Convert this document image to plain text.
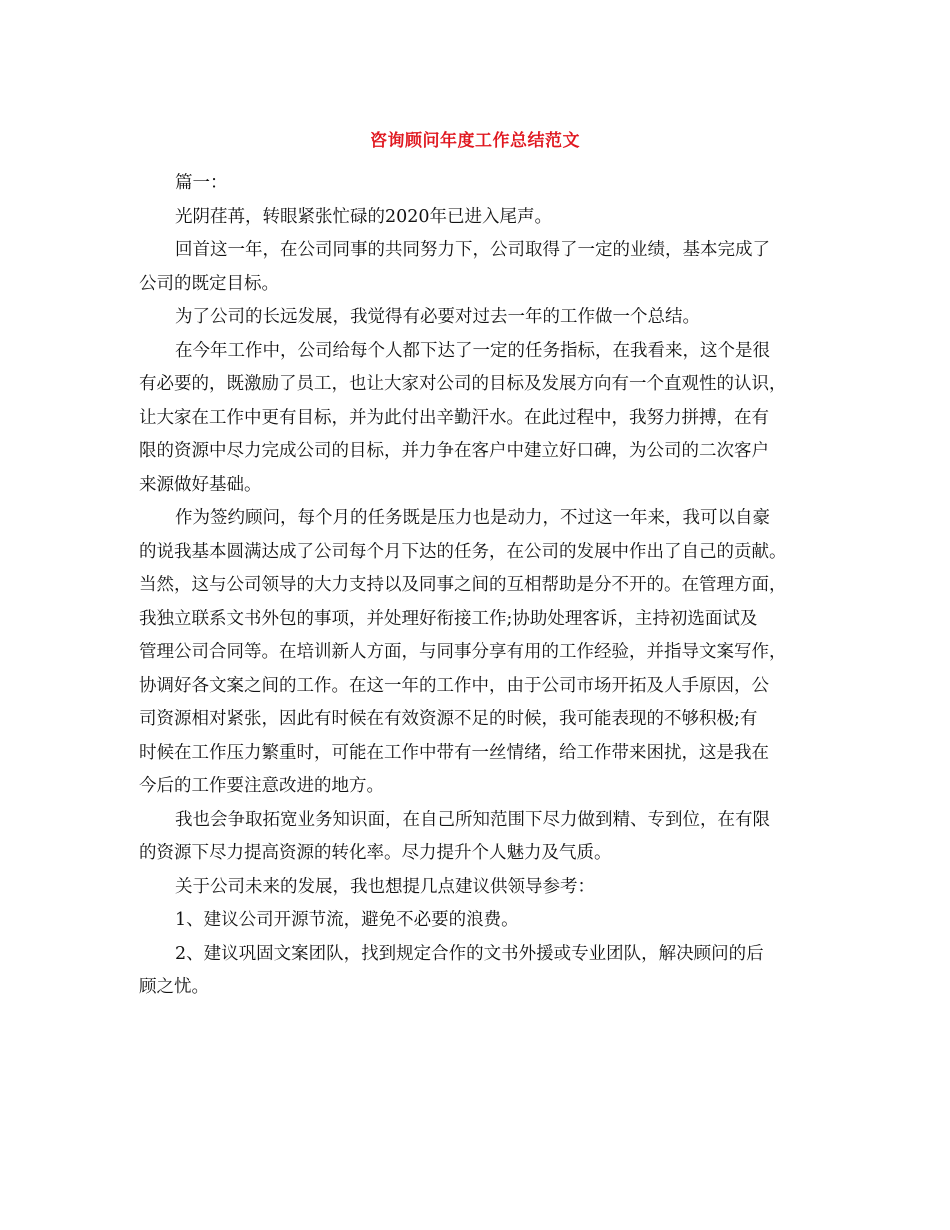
咨询顾问年度工作总结范文
篇一：
光阴荏苒，转眼紧张忙碌的2020年已进入尾声。
回首这一年，在公司同事的共同努力下，公司取得了一定的业绩，基本完成了
公司的既定目标。
为了公司的长远发展，我觉得有必要对过去一年的工作做一个总结。
在今年工作中，公司给每个人都下达了一定的任务指标，在我看来，这个是很
有必要的，既激励了员工，也让大家对公司的目标及发展方向有一个直观性的认识，
让大家在工作中更有目标，并为此付出辛勤汗水。在此过程中，我努力拼搏，在有
限的资源中尽力完成公司的目标，并力争在客户中建立好口碑，为公司的二次客户
来源做好基础。
作为签约顾问，每个月的任务既是压力也是动力，不过这一年来，我可以自豪
的说我基本圆满达成了公司每个月下达的任务，在公司的发展中作出了自己的贡献。
当然，这与公司领导的大力支持以及同事之间的互相帮助是分不开的。在管理方面，
我独立联系文书外包的事项，并处理好衔接工作;协助处理客诉，主持初选面试及
管理公司合同等。在培训新人方面，与同事分享有用的工作经验，并指导文案写作，
协调好各文案之间的工作。在这一年的工作中，由于公司市场开拓及人手原因，公
司资源相对紧张，因此有时候在有效资源不足的时候，我可能表现的不够积极;有
时候在工作压力繁重时，可能在工作中带有一丝情绪，给工作带来困扰，这是我在
今后的工作要注意改进的地方。
我也会争取拓宽业务知识面，在自己所知范围下尽力做到精、专到位，在有限
的资源下尽力提高资源的转化率。尽力提升个人魅力及气质。
关于公司未来的发展，我也想提几点建议供领导参考：
1、建议公司开源节流，避免不必要的浪费。
2、建议巩固文案团队，找到规定合作的文书外援或专业团队，解决顾问的后
顾之忧。
